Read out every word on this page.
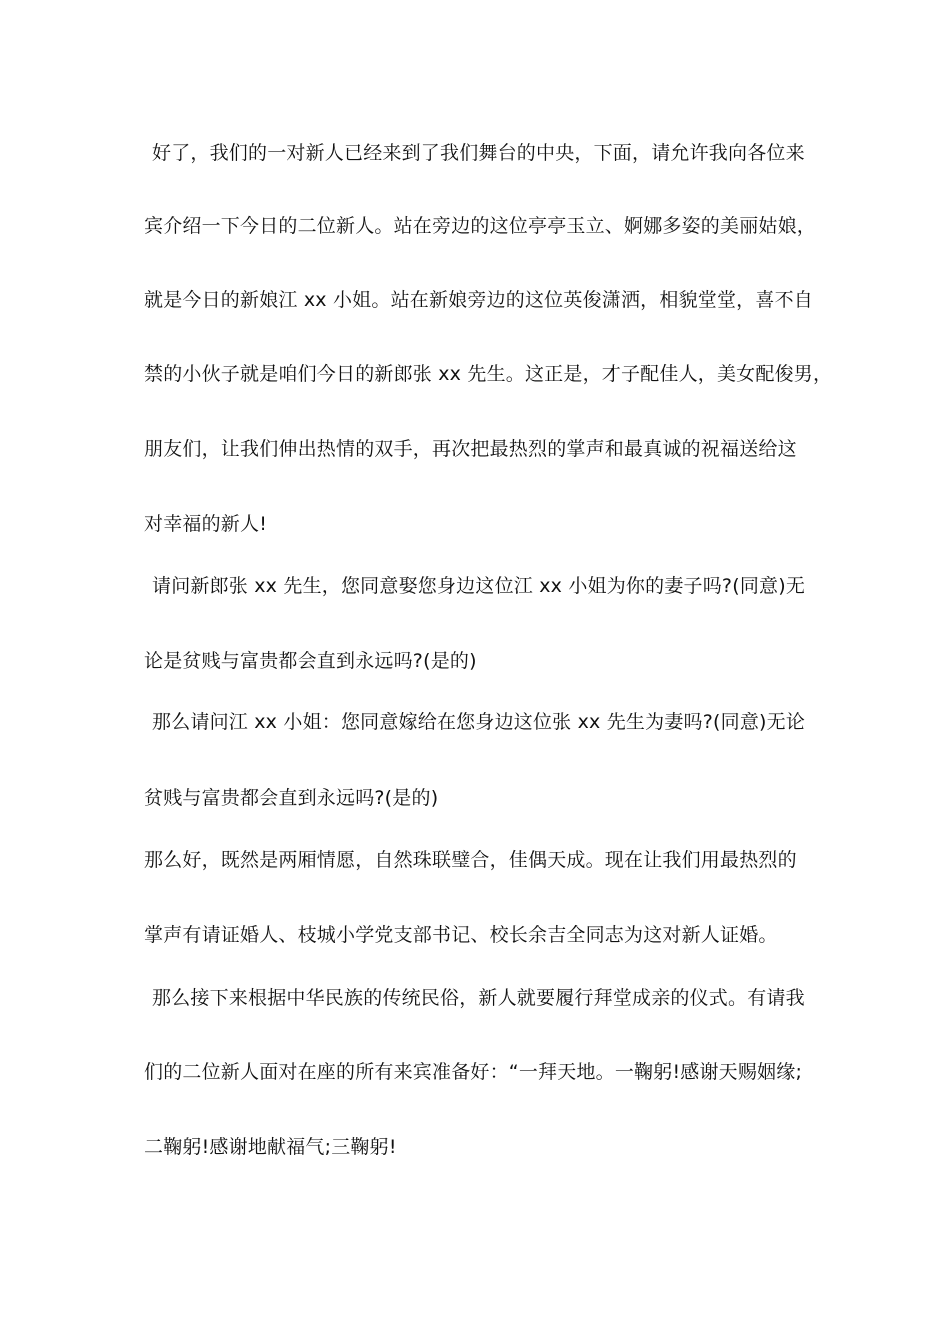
好了，我们的一对新人已经来到了我们舞台的中央，下面，请允许我向各位来
宾介绍一下今日的二位新人。站在旁边的这位亭亭玉立、婀娜多姿的美丽姑娘，
就是今日的新娘江 xx 小姐。站在新娘旁边的这位英俊潇洒，相貌堂堂，喜不自
禁的小伙子就是咱们今日的新郎张 xx 先生。这正是，才子配佳人，美女配俊男，
朋友们，让我们伸出热情的双手，再次把最热烈的掌声和最真诚的祝福送给这
对幸福的新人!
请问新郎张 xx 先生，您同意娶您身边这位江 xx 小姐为你的妻子吗?(同意)无
论是贫贱与富贵都会直到永远吗?(是的)
那么请问江 xx 小姐：您同意嫁给在您身边这位张 xx 先生为妻吗?(同意)无论
贫贱与富贵都会直到永远吗?(是的)
那么好，既然是两厢情愿，自然珠联璧合，佳偶天成。现在让我们用最热烈的
掌声有请证婚人、枝城小学党支部书记、校长余吉全同志为这对新人证婚。
那么接下来根据中华民族的传统民俗，新人就要履行拜堂成亲的仪式。有请我
们的二位新人面对在座的所有来宾准备好：“一拜天地。一鞠躬!感谢天赐姻缘;
二鞠躬!感谢地献福气;三鞠躬!
